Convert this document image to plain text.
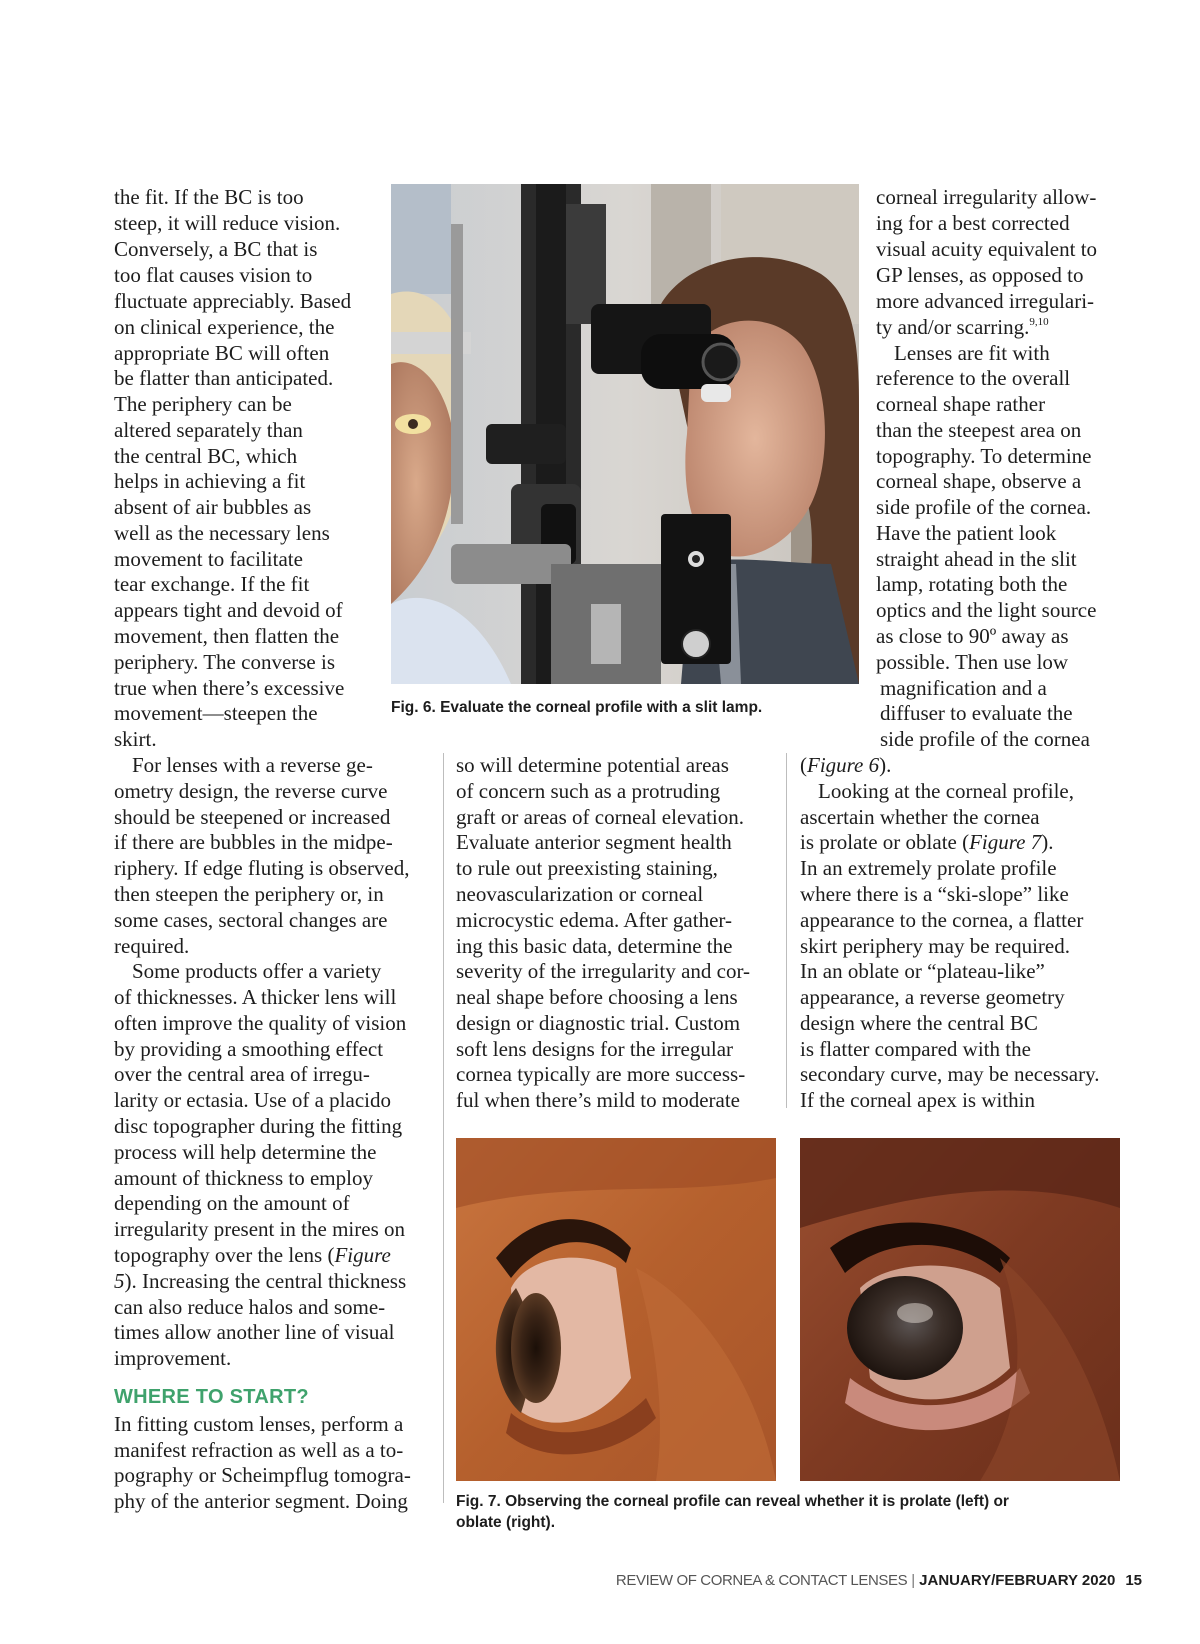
the fit. If the BC is too
steep, it will reduce vision.
Conversely, a BC that is
too flat causes vision to
fluctuate appreciably. Based
on clinical experience, the
appropriate BC will often
be flatter than anticipated.
The periphery can be
altered separately than
the central BC, which
helps in achieving a fit
absent of air bubbles as
well as the necessary lens
movement to facilitate
tear exchange. If the fit
appears tight and devoid of
movement, then flatten the
periphery. The converse is
true when there’s excessive
movement—steepen the
skirt.
For lenses with a reverse ge-
ometry design, the reverse curve
should be steepened or increased
if there are bubbles in the midpe-
riphery. If edge fluting is observed,
then steepen the periphery or, in
some cases, sectoral changes are
required.
Some products offer a variety
of thicknesses. A thicker lens will
often improve the quality of vision
by providing a smoothing effect
over the central area of irregu-
larity or ectasia. Use of a placido
disc topographer during the fitting
process will help determine the
amount of thickness to employ
depending on the amount of
irregularity present in the mires on
topography over the lens (Figure
5). Increasing the central thickness
can also reduce halos and some-
times allow another line of visual
improvement.
WHERE TO START?
In fitting custom lenses, perform a
manifest refraction as well as a to-
pography or Scheimpflug tomogra-
phy of the anterior segment. Doing
so will determine potential areas
of concern such as a protruding
graft or areas of corneal elevation.
Evaluate anterior segment health
to rule out preexisting staining,
neovascularization or corneal
microcystic edema. After gather-
ing this basic data, determine the
severity of the irregularity and cor-
neal shape before choosing a lens
design or diagnostic trial. Custom
soft lens designs for the irregular
cornea typically are more success-
ful when there’s mild to moderate
corneal irregularity allow-
ing for a best corrected
visual acuity equivalent to
GP lenses, as opposed to
more advanced irregulari-
ty and/or scarring.$^{9,10}$
Lenses are fit with
reference to the overall
corneal shape rather
than the steepest area on
topography. To determine
corneal shape, observe a
side profile of the cornea.
Have the patient look
straight ahead in the slit
lamp, rotating both the
optics and the light source
as close to 90º away as
possible. Then use low
magnification and a
diffuser to evaluate the
side profile of the cornea
(Figure 6).
Looking at the corneal profile,
ascertain whether the cornea
is prolate or oblate (Figure 7).
In an extremely prolate profile
where there is a “ski-slope” like
appearance to the cornea, a flatter
skirt periphery may be required.
In an oblate or “plateau-like”
appearance, a reverse geometry
design where the central BC
is flatter compared with the
secondary curve, may be necessary.
If the corneal apex is within
Fig. 6. Evaluate the corneal profile with a slit lamp.
Fig. 7. Observing the corneal profile can reveal whether it is prolate (left) or
oblate (right).
REVIEW OF CORNEA & CONTACT LENSES | JANUARY/FEBRUARY 2020 15
